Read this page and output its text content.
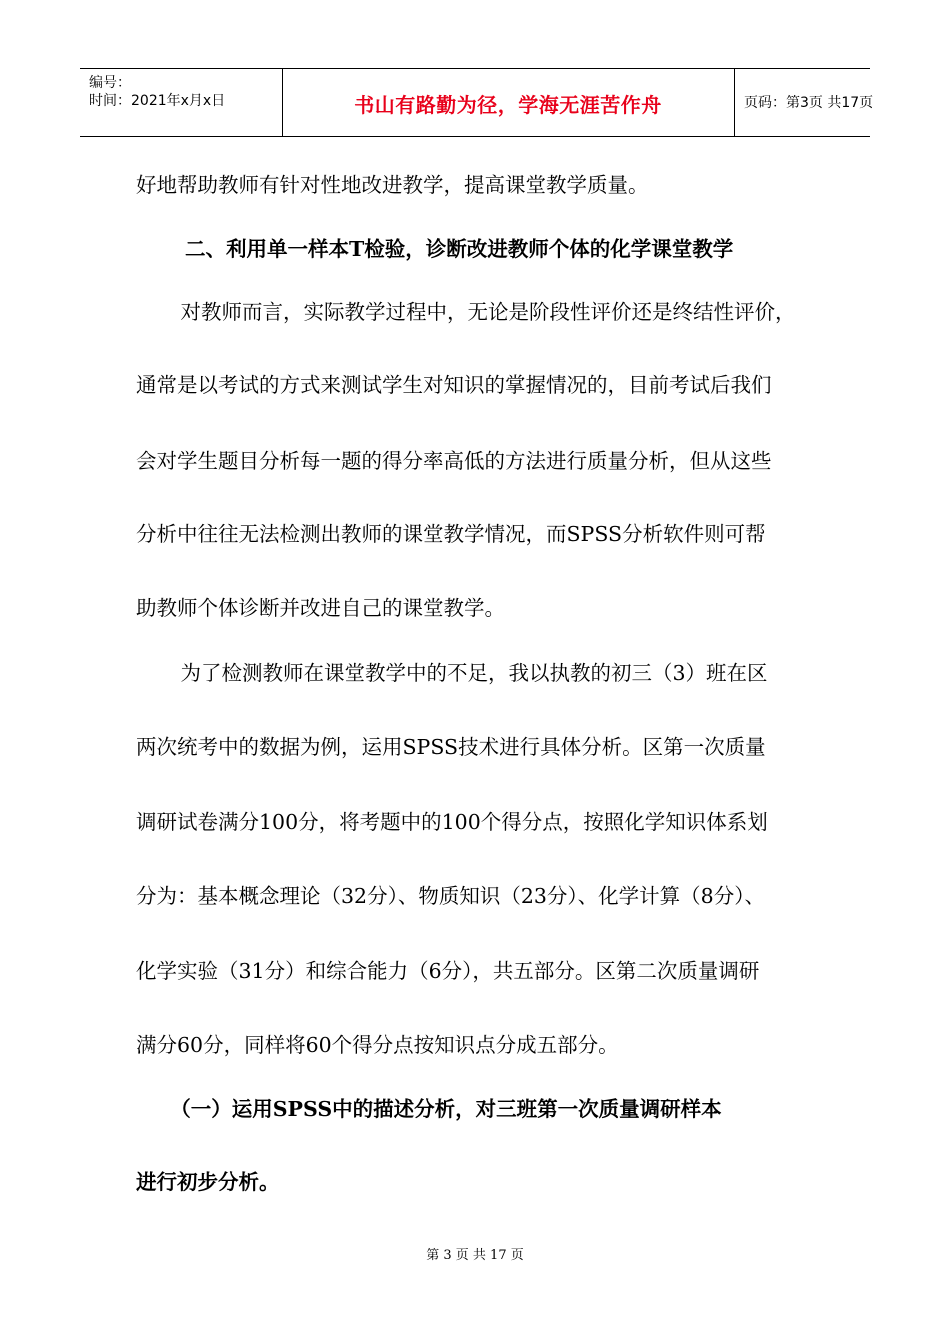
编号：
时间：2021年x月x日	书山有路勤为径，学海无涯苦作舟	页码：第3页 共17页

好地帮助教师有针对性地改进教学，提高课堂教学质量。

二、利用单一样本T检验，诊断改进教师个体的化学课堂教学

　对教师而言，实际教学过程中，无论是阶段性评价还是终结性评价，

通常是以考试的方式来测试学生对知识的掌握情况的，目前考试后我们

会对学生题目分析每一题的得分率高低的方法进行质量分析，但从这些

分析中往往无法检测出教师的课堂教学情况，而SPSS分析软件则可帮

助教师个体诊断并改进自己的课堂教学。

　为了检测教师在课堂教学中的不足，我以执教的初三（3）班在区

两次统考中的数据为例，运用SPSS技术进行具体分析。区第一次质量

调研试卷满分100分，将考题中的100个得分点，按照化学知识体系划

分为：基本概念理论（32分）、物质知识（23分）、化学计算（8分）、

化学实验（31分）和综合能力（6分），共五部分。区第二次质量调研

满分60分，同样将60个得分点按知识点分成五部分。

　（一）运用SPSS中的描述分析，对三班第一次质量调研样本

进行初步分析。

第 3 页 共 17 页
